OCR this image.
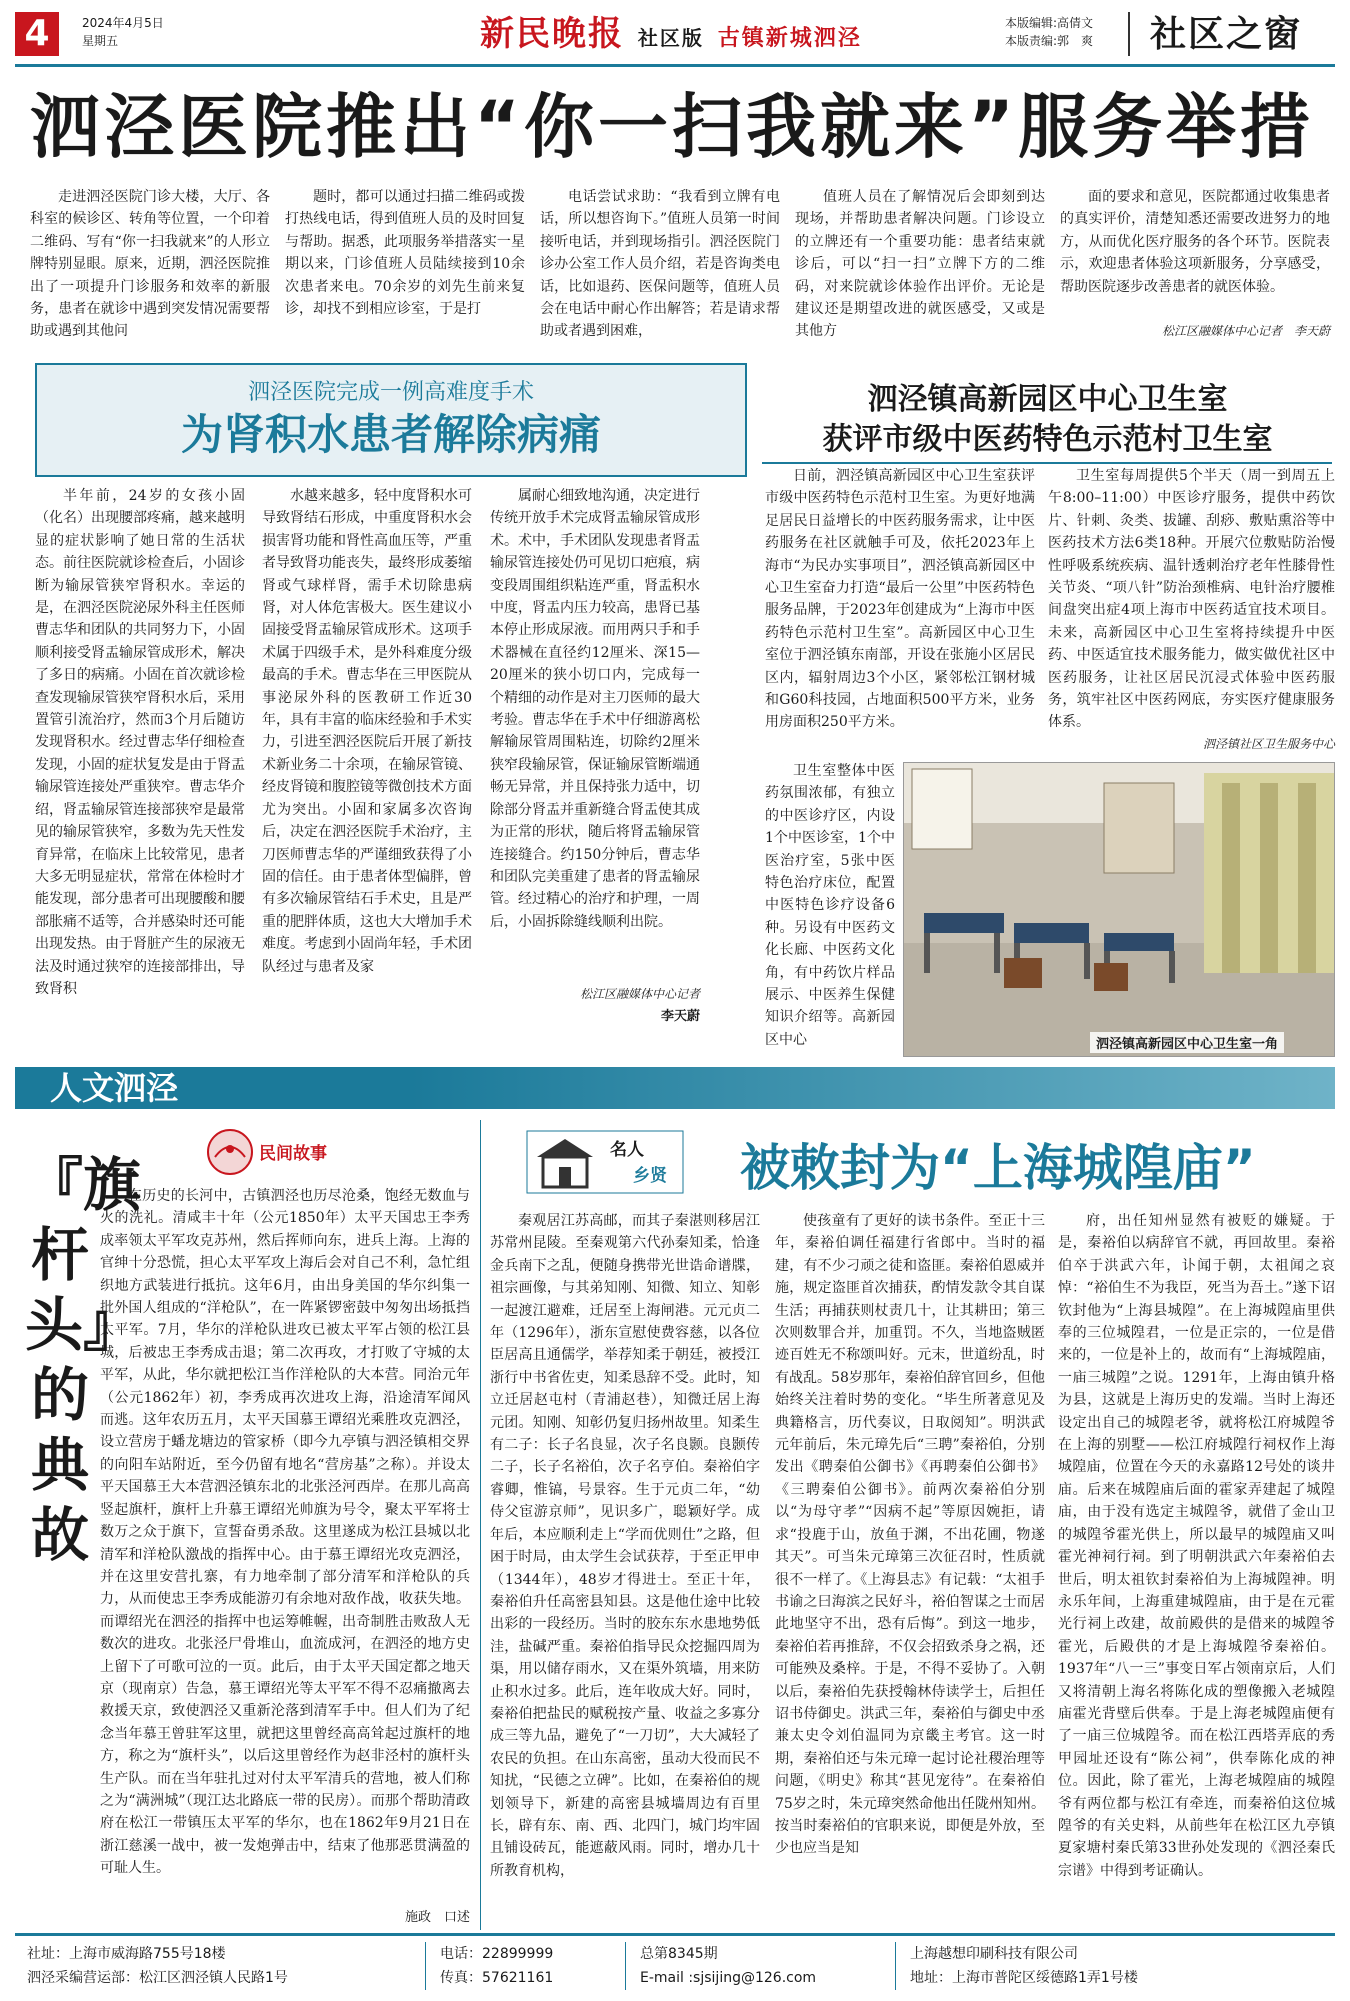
4	2024年4月5日
星期五	新民晚报 社区版 古镇新城泗泾
本版编辑:高倩文
本版责编:郭　爽 社区之窗
泗泾医院推出“你一扫我就来”服务举措

走进泗泾医院门诊大楼，大厅、各科室的候诊区、转角等位置，一个印着二维码、写有“你一扫我就来”的人形立牌特别显眼。原来，近期，泗泾医院推出了一项提升门诊服务和效率的新服务，患者在就诊中遇到突发情况需要帮助或遇到其他问

题时，都可以通过扫描二维码或拨打热线电话，得到值班人员的及时回复与帮助。据悉，此项服务举措落实一星期以来，门诊值班人员陆续接到10余次患者来电。70余岁的刘先生前来复诊，却找不到相应诊室，于是打

电话尝试求助：“我看到立牌有电话，所以想咨询下。”值班人员第一时间接听电话，并到现场指引。泗泾医院门诊办公室工作人员介绍，若是咨询类电话，比如退药、医保问题等，值班人员会在电话中耐心作出解答；若是请求帮助或者遇到困难，

值班人员在了解情况后会即刻到达现场，并帮助患者解决问题。门诊设立的立牌还有一个重要功能：患者结束就诊后，可以“扫一扫”立牌下方的二维码，对来院就诊体验作出评价。无论是建议还是期望改进的就医感受，又或是其他方

面的要求和意见，医院都通过收集患者的真实评价，清楚知悉还需要改进努力的地方，从而优化医疗服务的各个环节。医院表示，欢迎患者体验这项新服务，分享感受，帮助医院逐步改善患者的就医体验。

松江区融媒体中心记者　李天蔚
泗泾医院完成一例高难度手术
为肾积水患者解除病痛

半年前，24岁的女孩小固（化名）出现腰部疼痛，越来越明显的症状影响了她日常的生活状态。前往医院就诊检查后，小固诊断为输尿管狭窄肾积水。幸运的是，在泗泾医院泌尿外科主任医师曹志华和团队的共同努力下，小固顺利接受肾盂输尿管成形术，解决了多日的病痛。小固在首次就诊检查发现输尿管狭窄肾积水后，采用置管引流治疗，然而3个月后随访发现肾积水。经过曹志华仔细检查发现，小固的症状复发是由于肾盂输尿管连接处严重狭窄。曹志华介绍，肾盂输尿管连接部狭窄是最常见的输尿管狭窄，多数为先天性发育异常，在临床上比较常见，患者大多无明显症状，常常在体检时才能发现，部分患者可出现腰酸和腰部胀痛不适等，合并感染时还可能出现发热。由于肾脏产生的尿液无法及时通过狭窄的连接部排出，导致肾积

水越来越多，轻中度肾积水可导致肾结石形成，中重度肾积水会损害肾功能和肾性高血压等，严重者导致肾功能丧失，最终形成萎缩肾或气球样肾，需手术切除患病肾，对人体危害极大。医生建议小固接受肾盂输尿管成形术。这项手术属于四级手术，是外科难度分级最高的手术。曹志华在三甲医院从事泌尿外科的医教研工作近30年，具有丰富的临床经验和手术实力，引进至泗泾医院后开展了新技术新业务二十余项，在输尿管镜、经皮肾镜和腹腔镜等微创技术方面尤为突出。小固和家属多次咨询后，决定在泗泾医院手术治疗，主刀医师曹志华的严谨细致获得了小固的信任。由于患者体型偏胖，曾有多次输尿管结石手术史，且是严重的肥胖体质，这也大大增加手术难度。考虑到小固尚年轻，手术团队经过与患者及家

属耐心细致地沟通，决定进行传统开放手术完成肾盂输尿管成形术。术中，手术团队发现患者肾盂输尿管连接处仍可见切口疤痕，病变段周围组织粘连严重，肾盂积水中度，肾盂内压力较高，患肾已基本停止形成尿液。而用两只手和手术器械在直径约12厘米、深15—20厘米的狭小切口内，完成每一个精细的动作是对主刀医师的最大考验。曹志华在手术中仔细游离松解输尿管周围粘连，切除约2厘米狭窄段输尿管，保证输尿管断端通畅无异常，并且保持张力适中，切除部分肾盂并重新缝合肾盂使其成为正常的形状，随后将肾盂输尿管连接缝合。约150分钟后，曹志华和团队完美重建了患者的肾盂输尿管。经过精心的治疗和护理，一周后，小固拆除缝线顺利出院。

松江区融媒体中心记者
李天蔚
泗泾镇高新园区中心卫生室
获评市级中医药特色示范村卫生室

日前，泗泾镇高新园区中心卫生室获评市级中医药特色示范村卫生室。为更好地满足居民日益增长的中医药服务需求，让中医药服务在社区就触手可及，依托2023年上海市“为民办实事项目”，泗泾镇高新园区中心卫生室奋力打造“最后一公里”中医药特色服务品牌，于2023年创建成为“上海市中医药特色示范村卫生室”。高新园区中心卫生室位于泗泾镇东南部，开设在张施小区居民区内，辐射周边3个小区，紧邻松江钢材城和G60科技园，占地面积500平方米，业务用房面积250平方米。

卫生室整体中医药氛围浓郁，有独立的中医诊疗区，内设1个中医诊室，1个中医治疗室，5张中医特色治疗床位，配置中医特色诊疗设备6种。另设有中医药文化长廊、中医药文化角，有中药饮片样品展示、中医养生保健知识介绍等。高新园区中心

卫生室每周提供5个半天（周一到周五上午8:00–11:00）中医诊疗服务，提供中药饮片、针刺、灸类、拔罐、刮痧、敷贴熏浴等中医药技术方法6类18种。开展穴位敷贴防治慢性呼吸系统疾病、温针透刺治疗老年性膝骨性关节炎、“项八针”防治颈椎病、电针治疗腰椎间盘突出症4项上海市中医药适宜技术项目。未来，高新园区中心卫生室将持续提升中医药、中医适宜技术服务能力，做实做优社区中医药服务，让社区居民沉浸式体验中医药服务，筑牢社区中医药网底，夯实医疗健康服务体系。

泗泾镇社区卫生服务中心
泗泾镇高新园区中心卫生室一角
人文泗泾
『旗杆头』的典故
民间故事

在历史的长河中，古镇泗泾也历尽沧桑，饱经无数血与火的洗礼。清咸丰十年（公元1850年）太平天国忠王李秀成率领太平军攻克苏州，然后挥师向东，进兵上海。上海的官绅十分恐慌，担心太平军攻上海后会对自己不利，急忙组织地方武装进行抵抗。这年6月，由出身美国的华尔纠集一批外国人组成的“洋枪队”，在一阵紧锣密鼓中匆匆出场抵挡太平军。7月，华尔的洋枪队进攻已被太平军占领的松江县城，后被忠王李秀成击退；第二次再攻，才打败了守城的太平军，从此，华尔就把松江当作洋枪队的大本营。同治元年（公元1862年）初，李秀成再次进攻上海，沿途清军闻风而逃。这年农历五月，太平天国慕王谭绍光乘胜攻克泗泾，设立营房于蟠龙塘边的管家桥（即今九亭镇与泗泾镇相交界的向阳车站附近，至今仍留有地名“营房基”之称）。并设太平天国慕王大本营泗泾镇东北的北张泾河西岸。在那儿高高竖起旗杆，旗杆上升慕王谭绍光帅旗为号令，聚太平军将士数万之众于旗下，宣誓奋勇杀敌。这里遂成为松江县城以北清军和洋枪队激战的指挥中心。由于慕王谭绍光攻克泗泾，并在这里安营扎寨，有力地牵制了部分清军和洋枪队的兵力，从而使忠王李秀成能游刃有余地对敌作战，收获失地。而谭绍光在泗泾的指挥中也运筹帷幄，出奇制胜击败敌人无数次的进攻。北张泾尸骨堆山，血流成河，在泗泾的地方史上留下了可歌可泣的一页。此后，由于太平天国定都之地天京（现南京）告急，慕王谭绍光等太平军不得不忍痛撤离去救援天京，致使泗泾又重新沦落到清军手中。但人们为了纪念当年慕王曾驻军这里，就把这里曾经高高耸起过旗杆的地方，称之为“旗杆头”，以后这里曾经作为赵非泾村的旗杆头生产队。而在当年驻扎过对付太平军清兵的营地，被人们称之为“满洲城”（现江达北路底一带的民房）。而那个帮助清政府在松江一带镇压太平军的华尔，也在1862年9月21日在浙江慈溪一战中，被一发炮弹击中，结束了他那恶贯满盈的可耻人生。

施政　口述
名人
乡贤 被敕封为“上海城隍庙”

秦观居江苏高邮，而其子秦湛则移居江苏常州昆陵。至秦观第六代孙秦知柔，恰逢金兵南下之乱，便随身携带光世诰命谱牒，祖宗画像，与其弟知刚、知微、知立、知彰一起渡江避难，迁居至上海闸港。元元贞二年（1296年），浙东宣慰使费容慈，以各位臣居高且通儒学，举荐知柔于朝廷，被授江浙行中书省佐吏，知柔恳辞不受。此时，知立迁居赵屯村（青浦赵巷），知微迁居上海元团。知刚、知彰仍复归扬州故里。知柔生有二子：长子名良显，次子名良颢。良颢传二子，长子名裕伯，次子名亨伯。秦裕伯字睿卿，惟镐，号景容。生于元贞二年，“幼侍父宦游京师”，见识多广，聪颖好学。成年后，本应顺利走上“学而优则仕”之路，但困于时局，由太学生会试获荐，于至正甲申（1344年），48岁才得进士。至正十年，秦裕伯升任高密县知县。这是他仕途中比较出彩的一段经历。当时的胶东东水患地势低洼，盐碱严重。秦裕伯指导民众挖掘四周为渠，用以储存雨水，又在渠外筑墙，用来防止积水过多。此后，连年收成大好。同时，秦裕伯把盐民的赋税按产量、收益之多寡分成三等九品，避免了“一刀切”，大大减轻了农民的负担。在山东高密，虽动大役而民不知扰，“民德之立碑”。比如，在秦裕伯的规划领导下，新建的高密县城墙周边有百里长，辟有东、南、西、北四门，城门均牢固且铺设砖瓦，能遮蔽风雨。同时，增办几十所教育机构，

使孩童有了更好的读书条件。至正十三年，秦裕伯调任福建行省郎中。当时的福建，有不少刁顽之徒和盗匪。秦裕伯恩威并施，规定盗匪首次捕获，酌情发款令其自谋生活；再捕获则杖责几十，让其耕田；第三次则数罪合并，加重罚。不久，当地盗贼匿迹百姓无不称颂叫好。元末，世道纷乱，时有战乱。58岁那年，秦裕伯辞官回乡，但他始终关注着时势的变化。“毕生所著意见及典籍格言，历代奏议，日取阅知”。明洪武元年前后，朱元璋先后“三聘”秦裕伯，分别发出《聘秦伯公御书》《再聘秦伯公御书》《三聘秦伯公御书》。前两次秦裕伯分别以“为母守孝”“因病不起”等原因婉拒，请求“投鹿于山，放鱼于渊，不出花圃，物遂其天”。可当朱元璋第三次征召时，性质就很不一样了。《上海县志》有记载：“太祖手书谕之曰海滨之民好斗，裕伯智谋之士而居此地坚守不出，恐有后悔”。到这一地步，秦裕伯若再推辞，不仅会招致杀身之祸，还可能殃及桑梓。于是，不得不妥协了。入朝以后，秦裕伯先获授翰林侍读学士，后担任诏书侍御史。洪武三年，秦裕伯与御史中丞兼太史令刘伯温同为京畿主考官。这一时期，秦裕伯还与朱元璋一起讨论社稷治理等问题，《明史》称其“甚见宠待”。在秦裕伯75岁之时，朱元璋突然命他出任陇州知州。按当时秦裕伯的官职来说，即便是外放，至少也应当是知

府，出任知州显然有被贬的嫌疑。于是，秦裕伯以病辞官不就，再回故里。秦裕伯卒于洪武六年，讣闻于朝，太祖闻之哀悼：“裕伯生不为我臣，死当为吾土。”遂下诏钦封他为“上海县城隍”。在上海城隍庙里供奉的三位城隍君，一位是正宗的，一位是借来的，一位是补上的，故而有“上海城隍庙，一庙三城隍”之说。1291年，上海由镇升格为县，这就是上海历史的发端。当时上海还设定出自己的城隍老爷，就将松江府城隍爷在上海的别墅——松江府城隍行祠权作上海城隍庙，位置在今天的永嘉路12号处的谈井庙。后来在城隍庙后面的霍家弄建起了城隍庙，由于没有选定主城隍爷，就借了金山卫的城隍爷霍光供上，所以最早的城隍庙又叫霍光神祠行祠。到了明朝洪武六年秦裕伯去世后，明太祖钦封秦裕伯为上海城隍神。明永乐年间，上海重建城隍庙，由于是在元霍光行祠上改建，故前殿供的是借来的城隍爷霍光，后殿供的才是上海城隍爷秦裕伯。1937年“八一三”事变日军占领南京后，人们又将清朝上海名将陈化成的塑像搬入老城隍庙霍光背壁后供奉。于是上海老城隍庙便有了一庙三位城隍爷。而在松江西塔弄底的秀甲园址还设有“陈公祠”，供奉陈化成的神位。因此，除了霍光，上海老城隍庙的城隍爷有两位都与松江有牵连，而秦裕伯这位城隍爷的有关史料，从前些年在松江区九亭镇夏家塘村秦氏第33世孙处发现的《泗泾秦氏宗谱》中得到考证确认。

社址：上海市威海路755号18楼
泗泾采编营运部：松江区泗泾镇人民路1号
电话：22899999
传真：57621161
总第8345期
E-mail :sjsijing@126.com
上海越想印刷科技有限公司
地址：上海市普陀区绥德路1弄1号楼
